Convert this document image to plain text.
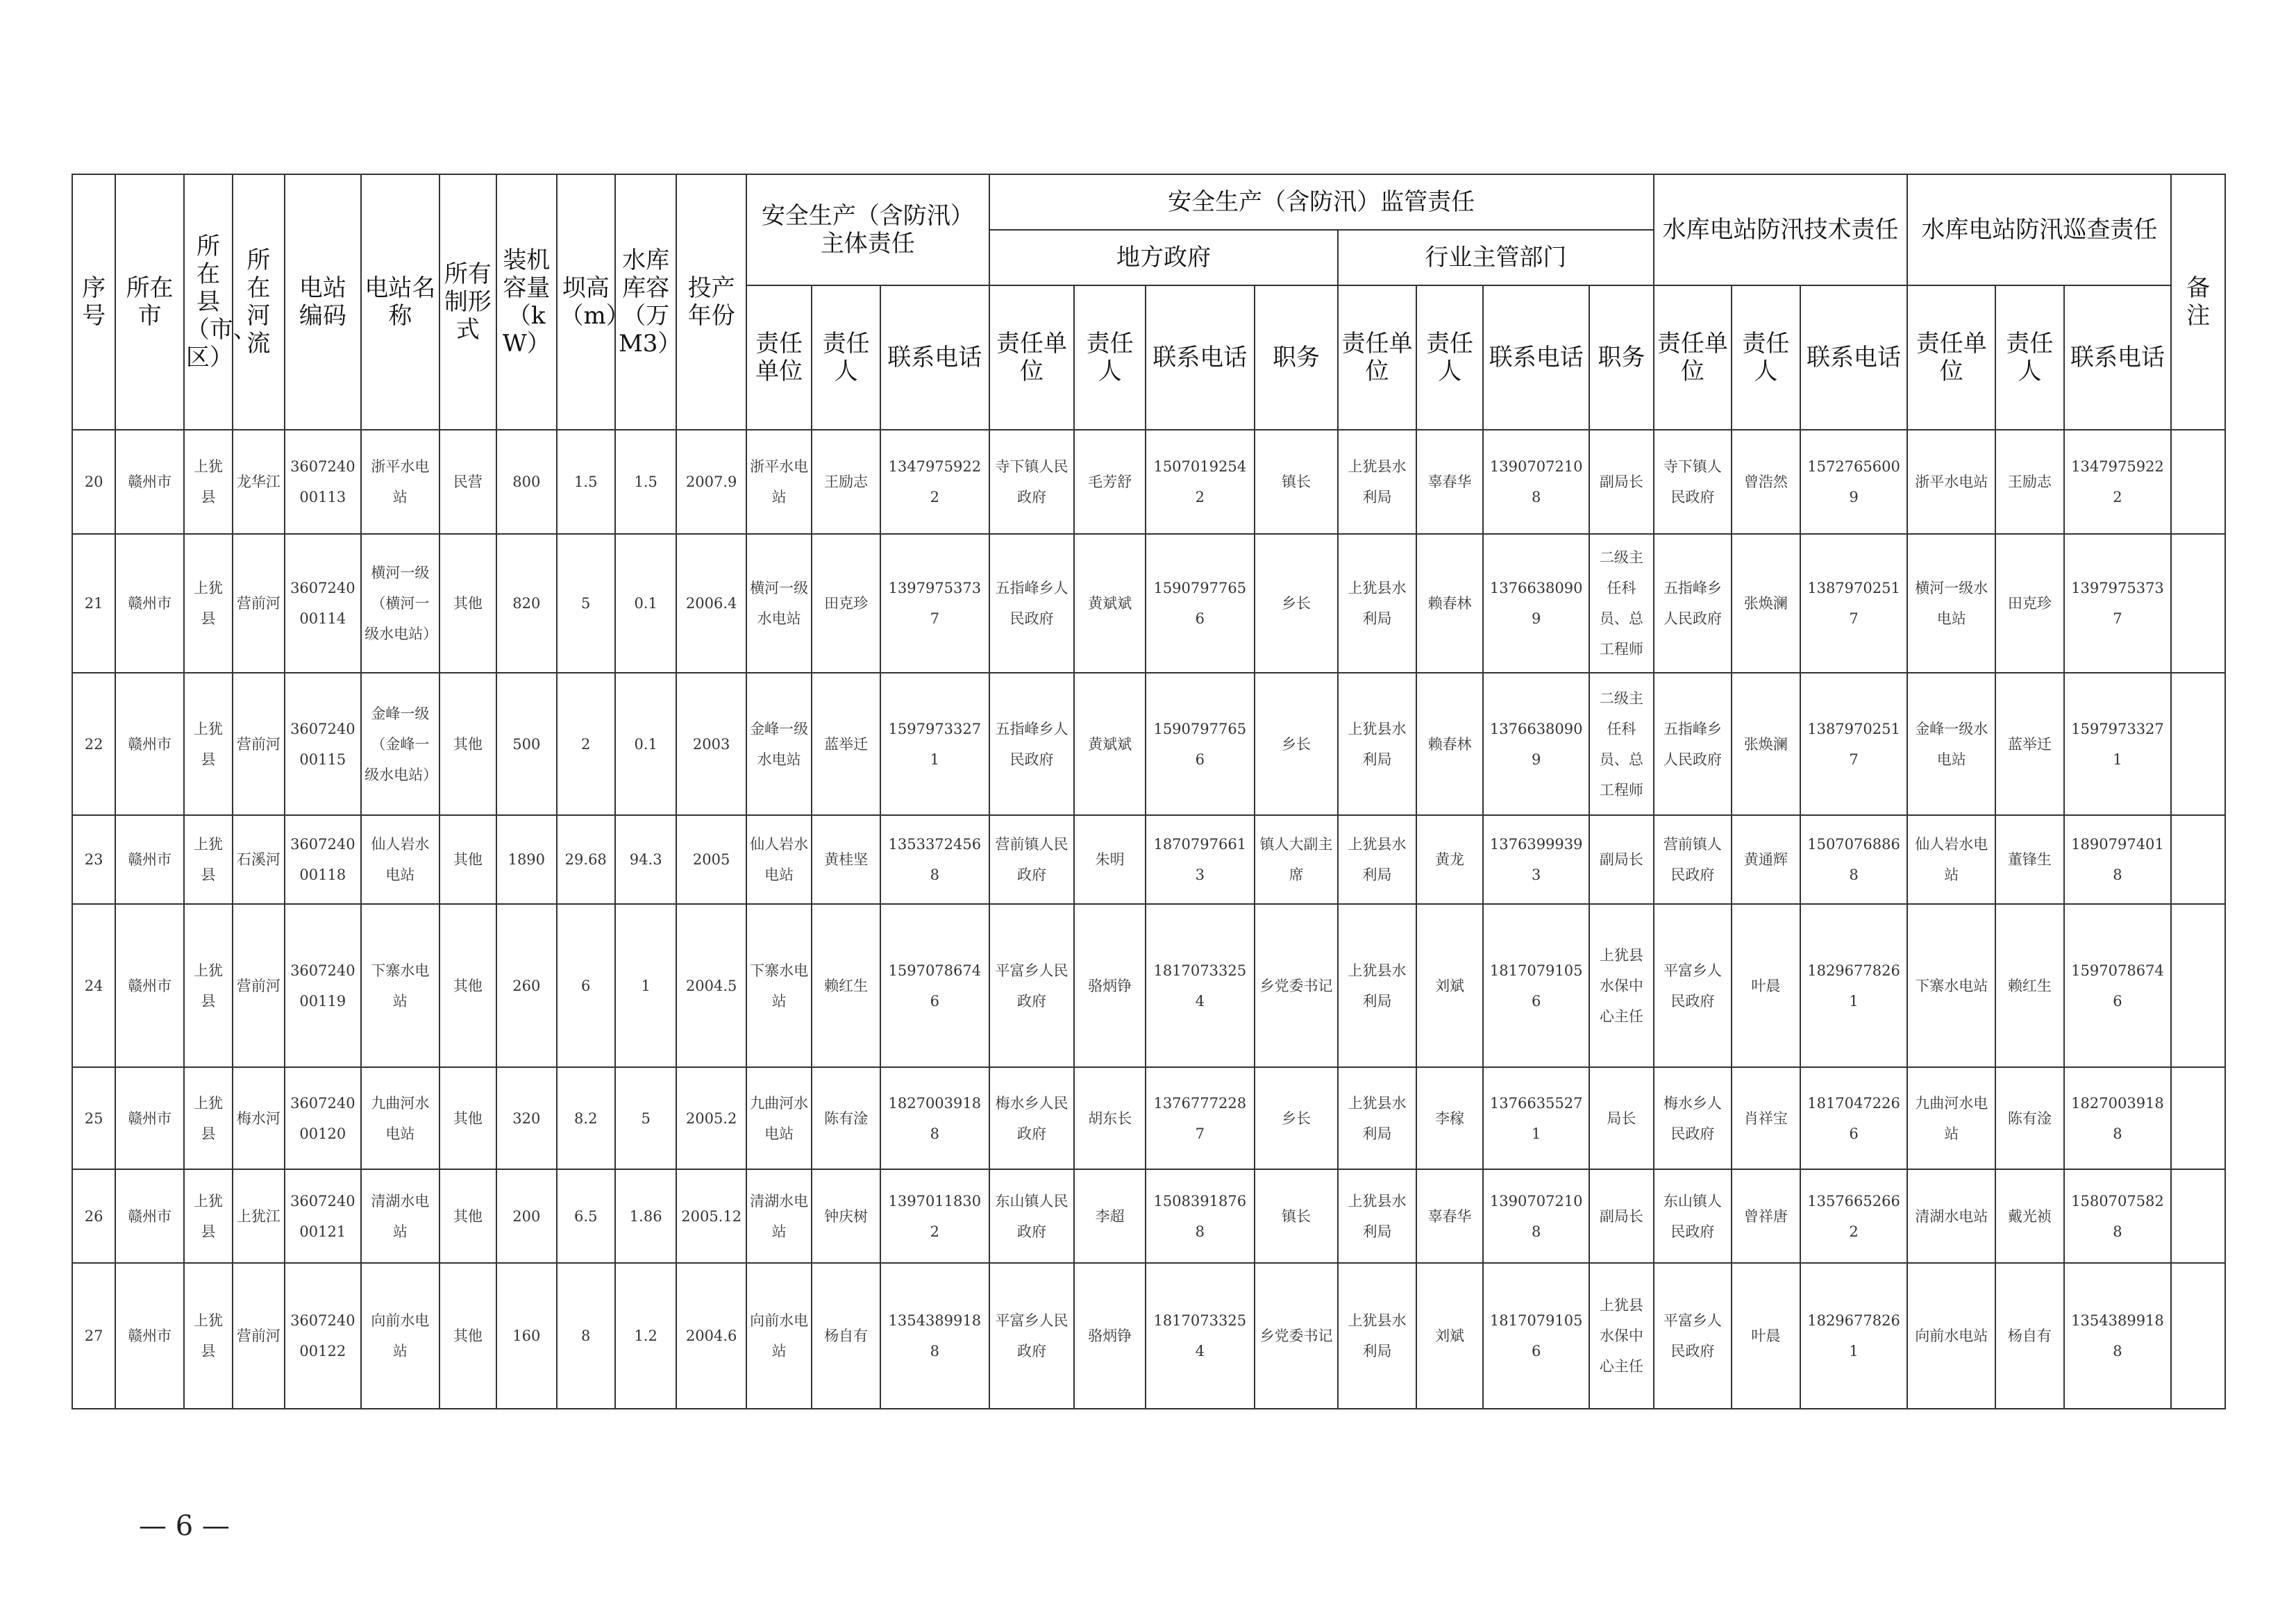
序号	所在市	所在县（市、区）	所在河流	电站编码	电站名称	所有制形式	装机容量（kW）	坝高（m）	水库库容（万M3）	投产年份	安全生产（含防汛）主体责任			安全生产（含防汛）监管责任								水库电站防汛技术责任			水库电站防汛巡查责任			备注
														地方政府				行业主管部门										
											责任单位	责任人	联系电话	责任单位	责任人	联系电话	职务	责任单位	责任人	联系电话	职务	责任单位	责任人	联系电话	责任单位	责任人	联系电话	
20	赣州市	上犹县	龙华江	360724000113	浙平水电站	民营	800	1.5	1.5	2007.9	浙平水电站	王励志	13479759222	寺下镇人民政府	毛芳舒	15070192542	镇长	上犹县水利局	辜春华	13907072108	副局长	寺下镇人民政府	曾浩然	15727656009	浙平水电站	王励志	13479759222	
21	赣州市	上犹县	营前河	360724000114	横河一级（横河一级水电站）	其他	820	5	0.1	2006.4	横河一级水电站	田克珍	13979753737	五指峰乡人民政府	黄斌斌	15907977656	乡长	上犹县水利局	赖春林	13766380909	二级主任科员、总工程师	五指峰乡人民政府	张焕澜	13879702517	横河一级水电站	田克珍	13979753737	
22	赣州市	上犹县	营前河	360724000115	金峰一级（金峰一级水电站）	其他	500	2	0.1	2003	金峰一级水电站	蓝举迁	15979733271	五指峰乡人民政府	黄斌斌	15907977656	乡长	上犹县水利局	赖春林	13766380909	二级主任科员、总工程师	五指峰乡人民政府	张焕澜	13879702517	金峰一级水电站	蓝举迁	15979733271	
23	赣州市	上犹县	石溪河	360724000118	仙人岩水电站	其他	1890	29.68	94.3	2005	仙人岩水电站	黄桂坚	13533724568	营前镇人民政府	朱明	18707976613	镇人大副主席	上犹县水利局	黄龙	13763999393	副局长	营前镇人民政府	黄通辉	15070768868	仙人岩水电站	董锋生	18907974018	
24	赣州市	上犹县	营前河	360724000119	下寨水电站	其他	260	6	1	2004.5	下寨水电站	赖红生	15970786746	平富乡人民政府	骆炳铮	18170733254	乡党委书记	上犹县水利局	刘斌	18170791056	上犹县水保中心主任	平富乡人民政府	叶晨	18296778261	下寨水电站	赖红生	15970786746	
25	赣州市	上犹县	梅水河	360724000120	九曲河水电站	其他	320	8.2	5	2005.2	九曲河水电站	陈有淦	18270039188	梅水乡人民政府	胡东长	13767772287	乡长	上犹县水利局	李稼	13766355271	局长	梅水乡人民政府	肖祥宝	18170472266	九曲河水电站	陈有淦	18270039188	
26	赣州市	上犹县	上犹江	360724000121	清湖水电站	其他	200	6.5	1.86	2005.12	清湖水电站	钟庆树	13970118302	东山镇人民政府	李超	15083918768	镇长	上犹县水利局	辜春华	13907072108	副局长	东山镇人民政府	曾祥唐	13576652662	清湖水电站	戴光祯	15807075828	
27	赣州市	上犹县	营前河	360724000122	向前水电站	其他	160	8	1.2	2004.6	向前水电站	杨自有	13543899188	平富乡人民政府	骆炳铮	18170733254	乡党委书记	上犹县水利局	刘斌	18170791056	上犹县水保中心主任	平富乡人民政府	叶晨	18296778261	向前水电站	杨自有	13543899188	
— 6 —
